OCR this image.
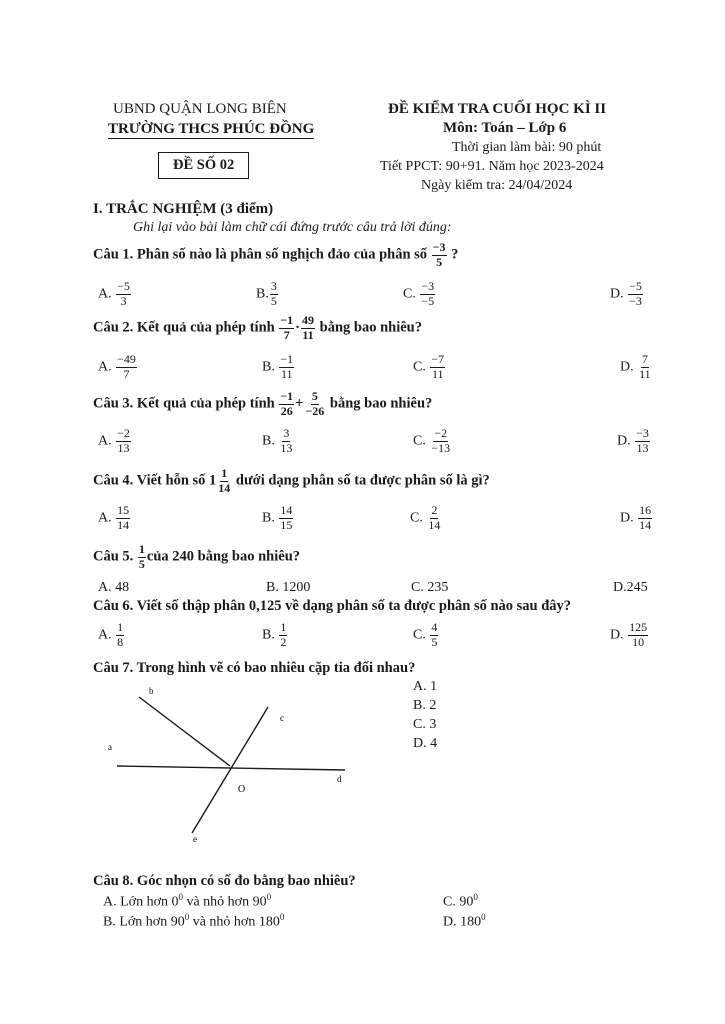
UBND QUẬN LONG BIÊN
TRƯỜNG THCS PHÚC ĐỒNG
ĐỀ SỐ 02
ĐỀ KIỂM TRA CUỐI HỌC KÌ II
Môn: Toán – Lớp 6
Thời gian làm bài: 90 phút
Tiết PPCT: 90+91. Năm học 2023-2024
Ngày kiểm tra: 24/04/2024
I. TRẮC NGHIỆM (3 điểm)
Ghi lại vào bài làm chữ cái đứng trước câu trả lời đúng:
Câu 1. Phân số nào là phân số nghịch đảo của phân số $\frac{-3}{5}$ ?
A. $\frac{-5}{3}$	B. $\frac{3}{5}$	C. $\frac{-3}{-5}$	D. $\frac{-5}{-3}$
Câu 2. Kết quả của phép tính $\frac{-1}{7} \cdot \frac{49}{11}$ bằng bao nhiêu?
A. $\frac{-49}{7}$	B. $\frac{-1}{11}$	C. $\frac{-7}{11}$	D. $\frac{7}{11}$
Câu 3. Kết quả của phép tính $\frac{-1}{26} + \frac{5}{-26}$ bằng bao nhiêu?
A. $\frac{-2}{13}$	B. $\frac{3}{13}$	C. $\frac{-2}{-13}$	D. $\frac{-3}{13}$
Câu 4. Viết hỗn số $1 \frac{1}{14}$ dưới dạng phân số ta được phân số là gì?
A. $\frac{15}{14}$	B. $\frac{14}{15}$	C. $\frac{2}{14}$	D. $\frac{16}{14}$
Câu 5. $\frac{1}{5}$ của 240 bằng bao nhiêu?
A. 48	B. 1200	C. 235	D.245
Câu 6. Viết số thập phân 0,125 về dạng phân số ta được phân số nào sau đây?
A. $\frac{1}{8}$	B. $\frac{1}{2}$	C. $\frac{4}{5}$	D. $\frac{125}{10}$
Câu 7. Trong hình vẽ có bao nhiêu cặp tia đối nhau?
A. 1
B. 2
C. 3
D. 4
b
c
a
d
O
e
Câu 8. Góc nhọn có số đo bằng bao nhiêu?
A. Lớn hơn $0^0$ và nhỏ hơn $90^0$
B. Lớn hơn $90^0$ và nhỏ hơn $180^0$
C. $90^0$
D. $180^0$
